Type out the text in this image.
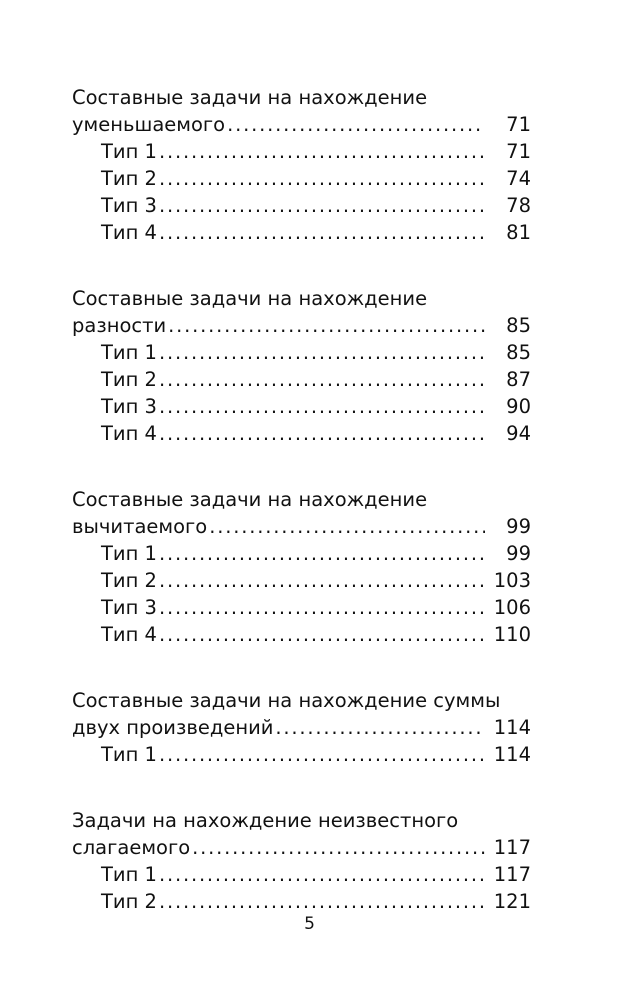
Составные задачи на нахождение
уменьшаемого . . .	71
Тип 1 . . .	71
Тип 2 . . .	74
Тип 3 . . .	78
Тип 4 . . .	81
Составные задачи на нахождение
разности . . .	85
Тип 1 . . .	85
Тип 2 . . .	87
Тип 3 . . .	90
Тип 4 . . .	94
Составные задачи на нахождение
вычитаемого . . .	99
Тип 1 . . .	99
Тип 2 . . .	103
Тип 3 . . .	106
Тип 4 . . .	110
Составные задачи на нахождение суммы
двух произведений . . .	114
Тип 1 . . .	114
Задачи на нахождение неизвестного
слагаемого . . .	117
Тип 1 . . .	117
Тип 2 . . .	121
5
